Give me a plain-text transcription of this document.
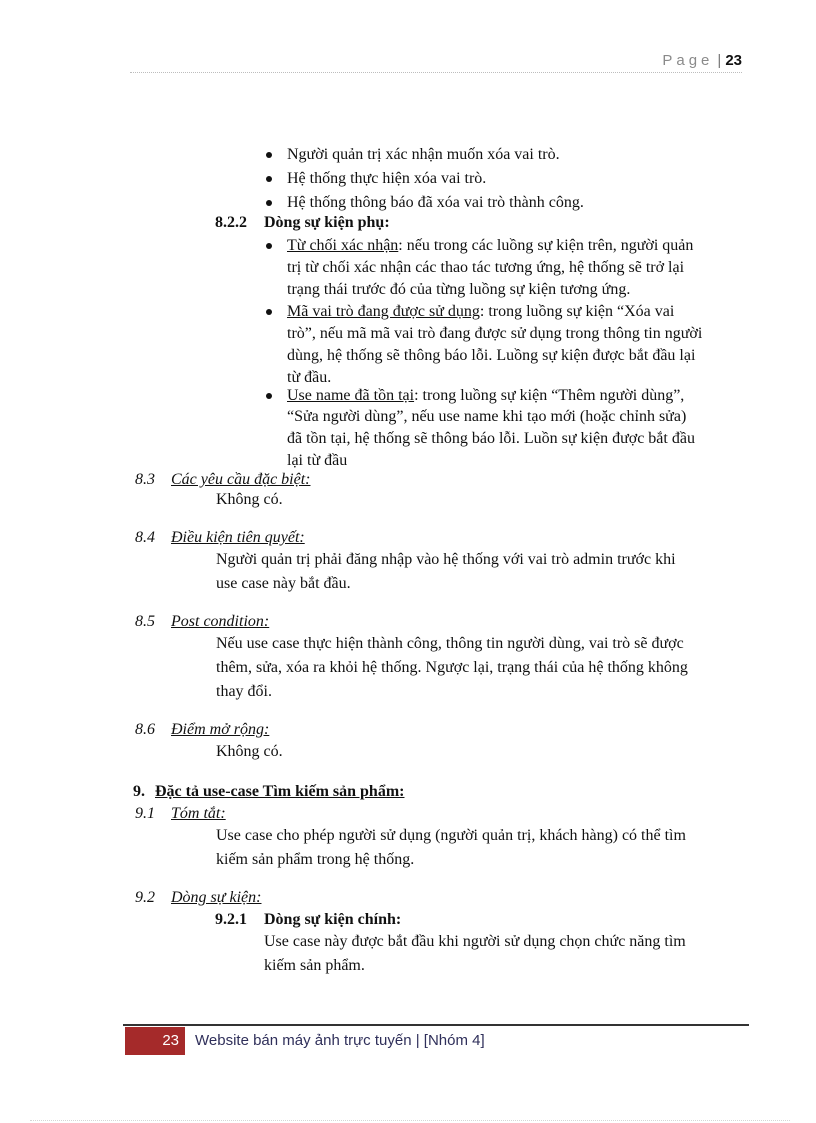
Page | 23
Người quản trị xác nhận muốn xóa vai trò.
Hệ thống thực hiện xóa vai trò.
Hệ thống thông báo đã xóa vai trò thành công.
8.2.2 Dòng sự kiện phụ:
Từ chối xác nhận: nếu trong các luồng sự kiện trên, người quản
trị từ chối xác nhận các thao tác tương ứng, hệ thống sẽ trở lại
trạng thái trước đó của từng luồng sự kiện tương ứng.
Mã vai trò đang được sử dụng: trong luồng sự kiện “Xóa vai
trò”, nếu mã mã vai trò đang được sử dụng trong thông tin người
dùng, hệ thống sẽ thông báo lỗi. Luồng sự kiện được bắt đầu lại
từ đầu.
Use name đã tồn tại: trong luồng sự kiện “Thêm người dùng”,
“Sửa người dùng”, nếu use name khi tạo mới (hoặc chỉnh sửa)
đã tồn tại, hệ thống sẽ thông báo lỗi. Luồn sự kiện được bắt đầu
lại từ đầu
8.3 Các yêu cầu đặc biệt:
Không có.
8.4 Điều kiện tiên quyết:
Người quản trị phải đăng nhập vào hệ thống với vai trò admin trước khi
use case này bắt đầu.
8.5 Post condition:
Nếu use case thực hiện thành công, thông tin người dùng, vai trò sẽ được
thêm, sửa, xóa ra khỏi hệ thống. Ngược lại, trạng thái của hệ thống không
thay đổi.
8.6 Điểm mở rộng:
Không có.
9. Đặc tả use-case Tìm kiếm sản phẩm:
9.1 Tóm tắt:
Use case cho phép người sử dụng (người quản trị, khách hàng) có thể tìm
kiếm sản phẩm trong hệ thống.
9.2 Dòng sự kiện:
9.2.1 Dòng sự kiện chính:
Use case này được bắt đầu khi người sử dụng chọn chức năng tìm
kiếm sản phẩm.
23	Website bán máy ảnh trực tuyến | [Nhóm 4]
